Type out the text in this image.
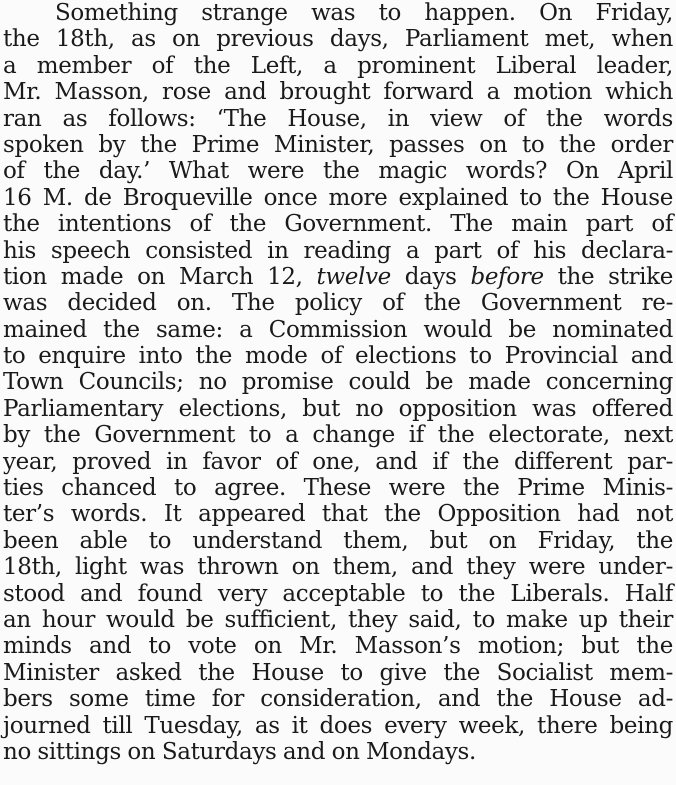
Something strange was to happen. On Friday,
the 18th, as on previous days, Parliament met, when
a member of the Left, a prominent Liberal leader,
Mr. Masson, rose and brought forward a motion which
ran as follows: ‘The House, in view of the words
spoken by the Prime Minister, passes on to the order
of the day.’ What were the magic words? On April
16 M. de Broqueville once more explained to the House
the intentions of the Government. The main part of
his speech consisted in reading a part of his declara-
tion made on March 12, twelve days before the strike
was decided on. The policy of the Government re-
mained the same: a Commission would be nominated
to enquire into the mode of elections to Provincial and
Town Councils; no promise could be made concerning
Parliamentary elections, but no opposition was offered
by the Government to a change if the electorate, next
year, proved in favor of one, and if the different par-
ties chanced to agree. These were the Prime Minis-
ter’s words. It appeared that the Opposition had not
been able to understand them, but on Friday, the
18th, light was thrown on them, and they were under-
stood and found very acceptable to the Liberals. Half
an hour would be sufficient, they said, to make up their
minds and to vote on Mr. Masson’s motion; but the
Minister asked the House to give the Socialist mem-
bers some time for consideration, and the House ad-
journed till Tuesday, as it does every week, there being
no sittings on Saturdays and on Mondays.
